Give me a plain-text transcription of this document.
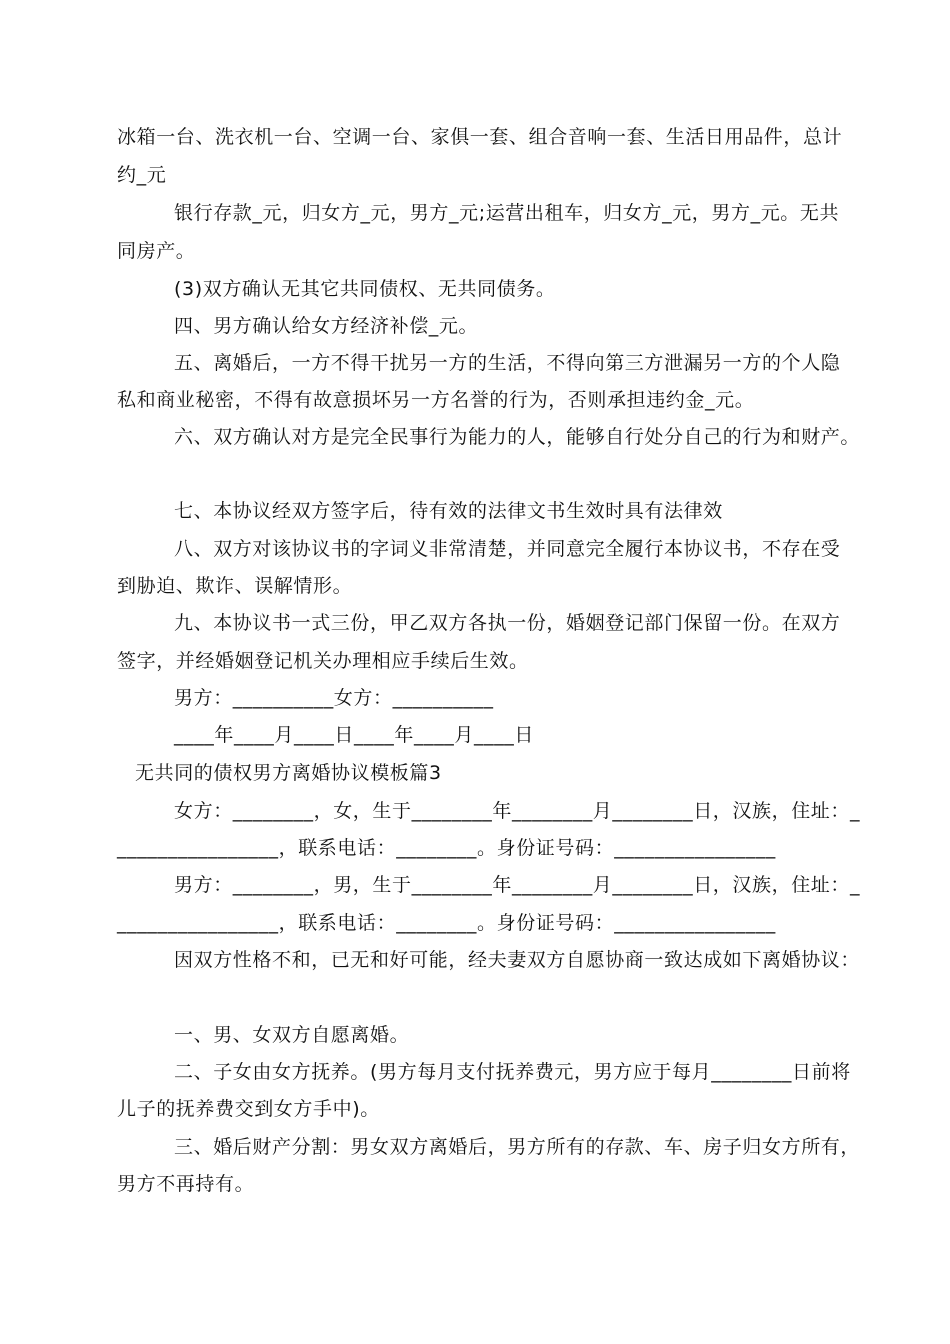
冰箱一台、洗衣机一台、空调一台、家俱一套、组合音响一套、生活日用品件，总计
约_元
银行存款_元，归女方_元，男方_元;运营出租车，归女方_元，男方_元。无共
同房产。
(3)双方确认无其它共同债权、无共同债务。
四、男方确认给女方经济补偿_元。
五、离婚后，一方不得干扰另一方的生活，不得向第三方泄漏另一方的个人隐
私和商业秘密，不得有故意损坏另一方名誉的行为，否则承担违约金_元。
六、双方确认对方是完全民事行为能力的人，能够自行处分自己的行为和财产。
七、本协议经双方签字后，待有效的法律文书生效时具有法律效
八、双方对该协议书的字词义非常清楚，并同意完全履行本协议书，不存在受
到胁迫、欺诈、误解情形。
九、本协议书一式三份，甲乙双方各执一份，婚姻登记部门保留一份。在双方
签字，并经婚姻登记机关办理相应手续后生效。
男方：__________女方：__________
____年____月____日____年____月____日
无共同的债权男方离婚协议模板篇3
女方：________，女，生于________年________月________日，汉族，住址：_
________________，联系电话：________。身份证号码：________________
男方：________，男，生于________年________月________日，汉族，住址：_
________________，联系电话：________。身份证号码：________________
因双方性格不和，已无和好可能，经夫妻双方自愿协商一致达成如下离婚协议：
一、男、女双方自愿离婚。
二、子女由女方抚养。(男方每月支付抚养费元，男方应于每月________日前将
儿子的抚养费交到女方手中)。
三、婚后财产分割：男女双方离婚后，男方所有的存款、车、房子归女方所有，
男方不再持有。
